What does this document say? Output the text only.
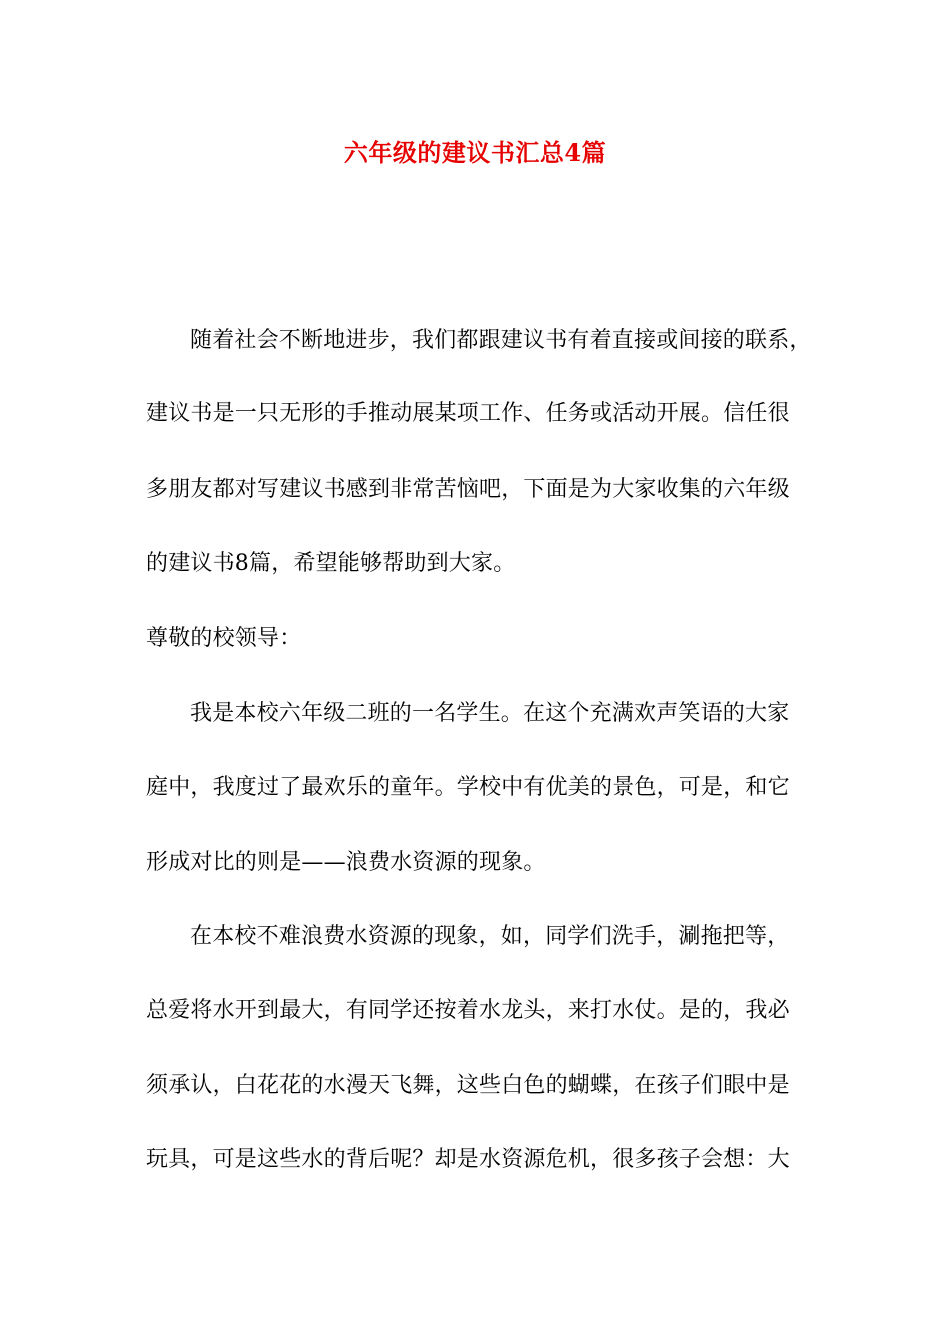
六年级的建议书汇总4篇

随着社会不断地进步，我们都跟建议书有着直接或间接的联系，

建议书是一只无形的手推动展某项工作、任务或活动开展。信任很

多朋友都对写建议书感到非常苦恼吧，下面是为大家收集的六年级

的建议书8篇，希望能够帮助到大家。

尊敬的校领导：

我是本校六年级二班的一名学生。在这个充满欢声笑语的大家

庭中，我度过了最欢乐的童年。学校中有优美的景色，可是，和它

形成对比的则是——浪费水资源的现象。

在本校不难浪费水资源的现象，如，同学们洗手，涮拖把等，

总爱将水开到最大，有同学还按着水龙头，来打水仗。是的，我必

须承认，白花花的水漫天飞舞，这些白色的蝴蝶，在孩子们眼中是

玩具，可是这些水的背后呢？却是水资源危机，很多孩子会想：大
